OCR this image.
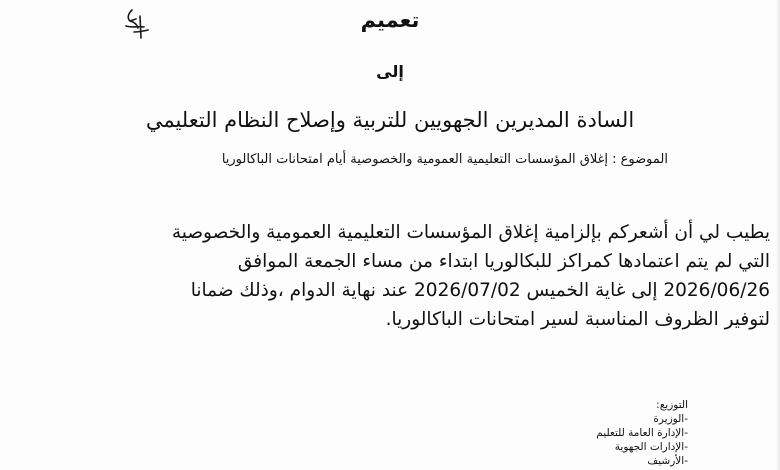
تعميم
إلى
السادة المديرين الجهويين للتربية وإصلاح النظام التعليمي
الموضوع : إغلاق المؤسسات التعليمية العمومية والخصوصية أيام امتحانات الباكالوريا
يطيب لي أن أشعركم بإلزامية إغلاق المؤسسات التعليمية العمومية والخصوصية
التي لم يتم اعتمادها كمراكز للبكالوريا ابتداء من مساء الجمعة الموافق
2026/06/26 إلى غاية الخميس 2026/07/02 عند نهاية الدوام ،وذلك ضمانا
لتوفير الظروف المناسبة لسير امتحانات الباكالوريا.
التوزيع:
-الوزيرة
-الإدارة العامة للتعليم
-الإدارات الجهوية
-الأرشيف
